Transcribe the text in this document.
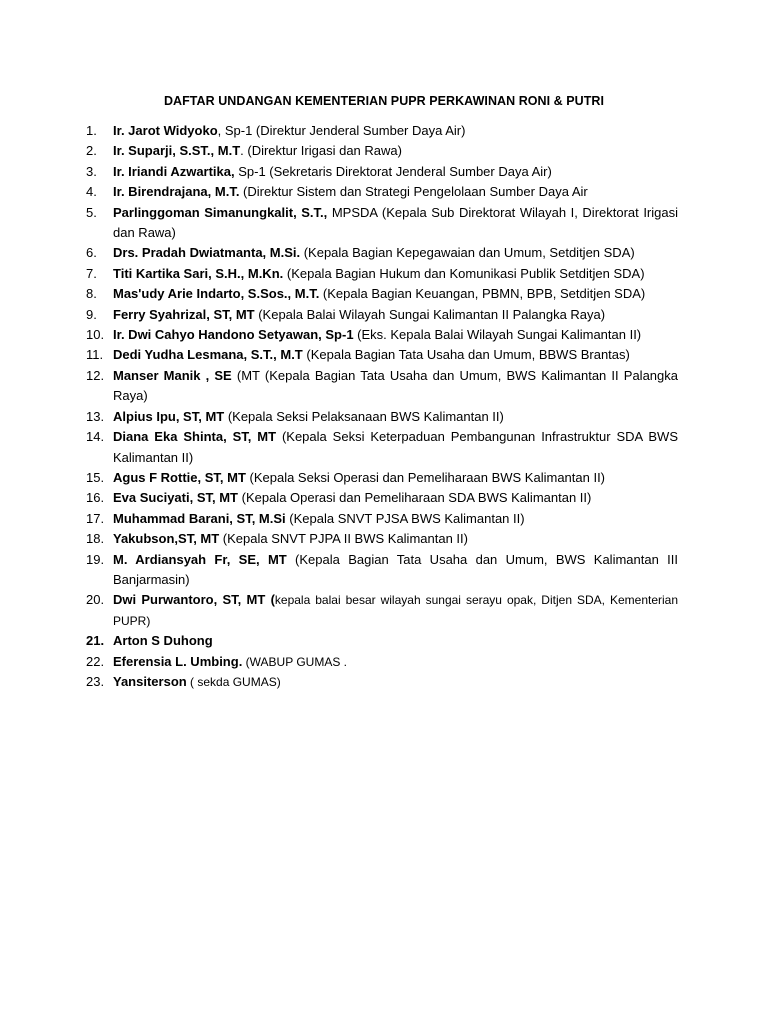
DAFTAR UNDANGAN KEMENTERIAN PUPR PERKAWINAN RONI & PUTRI
1. Ir. Jarot Widyoko, Sp-1 (Direktur Jenderal Sumber Daya Air)
2. Ir. Suparji, S.ST., M.T. (Direktur Irigasi dan Rawa)
3. Ir. Iriandi Azwartika, Sp-1 (Sekretaris Direktorat Jenderal Sumber Daya Air)
4. Ir. Birendrajana, M.T. (Direktur Sistem dan Strategi Pengelolaan Sumber Daya Air
5. Parlinggoman Simanungkalit, S.T., MPSDA (Kepala Sub Direktorat Wilayah I, Direktorat Irigasi dan Rawa)
6. Drs. Pradah Dwiatmanta, M.Si. (Kepala Bagian Kepegawaian dan Umum, Setditjen SDA)
7. Titi Kartika Sari, S.H., M.Kn. (Kepala Bagian Hukum dan Komunikasi Publik Setditjen SDA)
8. Mas'udy Arie Indarto, S.Sos., M.T. (Kepala Bagian Keuangan, PBMN, BPB, Setditjen SDA)
9. Ferry Syahrizal, ST, MT (Kepala Balai Wilayah Sungai Kalimantan II Palangka Raya)
10. Ir. Dwi Cahyo Handono Setyawan, Sp-1 (Eks. Kepala Balai Wilayah Sungai Kalimantan II)
11. Dedi Yudha Lesmana, S.T., M.T (Kepala Bagian Tata Usaha dan Umum, BBWS Brantas)
12. Manser Manik , SE (MT (Kepala Bagian Tata Usaha dan Umum, BWS Kalimantan II Palangka Raya)
13. Alpius Ipu, ST, MT (Kepala Seksi Pelaksanaan BWS Kalimantan II)
14. Diana Eka Shinta, ST, MT (Kepala Seksi Keterpaduan Pembangunan Infrastruktur SDA BWS Kalimantan II)
15. Agus F Rottie, ST, MT (Kepala Seksi Operasi dan Pemeliharaan BWS Kalimantan II)
16. Eva Suciyati, ST, MT (Kepala Operasi dan Pemeliharaan SDA BWS Kalimantan II)
17. Muhammad Barani, ST, M.Si (Kepala SNVT PJSA BWS Kalimantan II)
18. Yakubson,ST, MT (Kepala SNVT PJPA II BWS Kalimantan II)
19. M. Ardiansyah Fr, SE, MT (Kepala Bagian Tata Usaha dan Umum, BWS Kalimantan III Banjarmasin)
20. Dwi Purwantoro, ST, MT (kepala balai besar wilayah sungai serayu opak, Ditjen SDA, Kementerian PUPR)
21. Arton S Duhong
22. Eferensia L. Umbing. (WABUP GUMAS .
23. Yansiterson ( sekda GUMAS)
